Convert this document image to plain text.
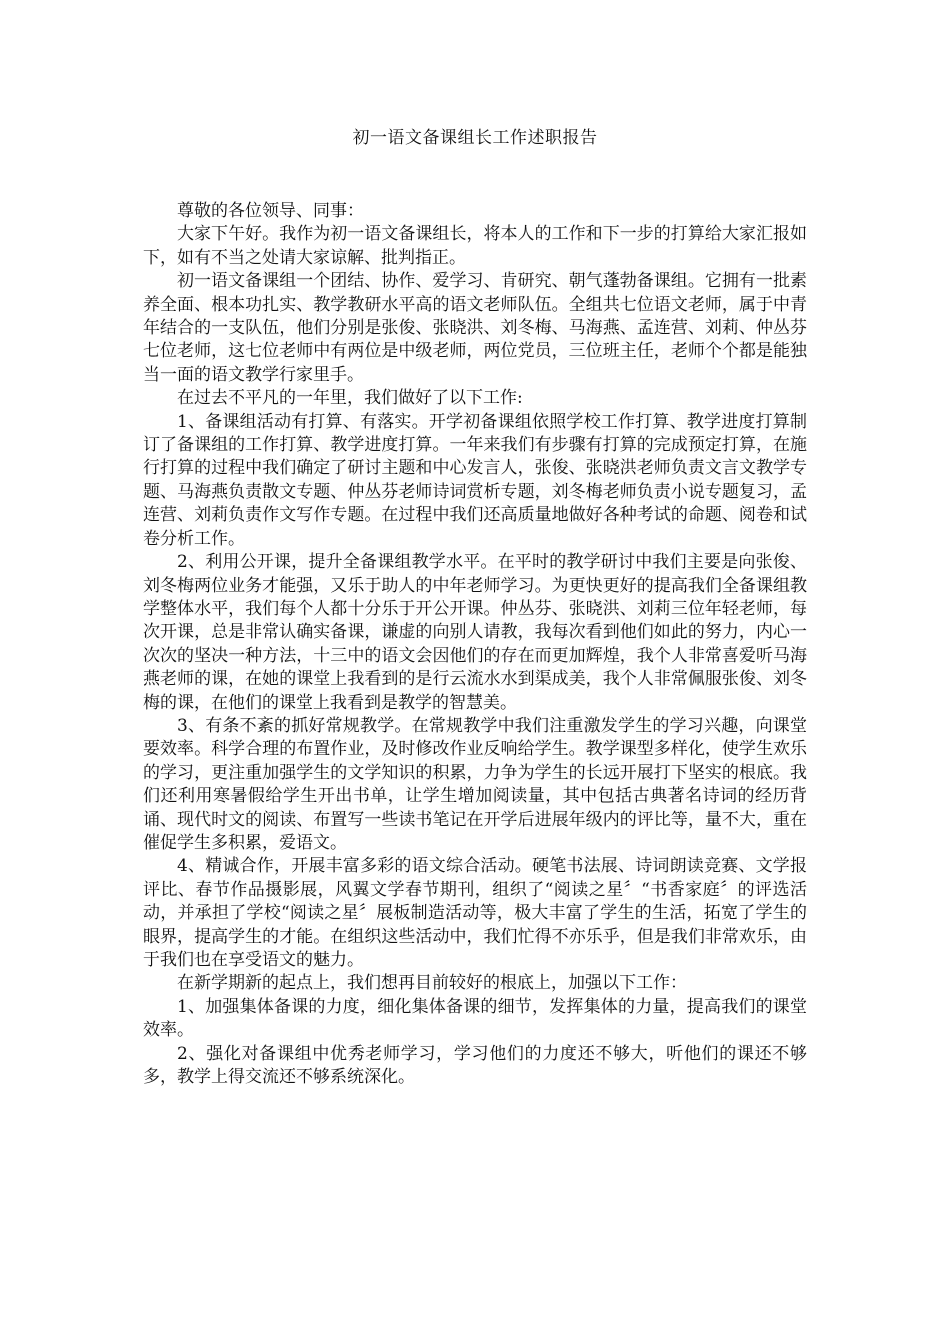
初一语文备课组长工作述职报告

尊敬的各位领导、同事：

大家下午好。我作为初一语文备课组长，将本人的工作和下一步的打算给大家汇报如下，如有不当之处请大家谅解、批判指正。

初一语文备课组一个团结、协作、爱学习、肯研究、朝气蓬勃备课组。它拥有一批素养全面、根本功扎实、教学教研水平高的语文老师队伍。全组共七位语文老师，属于中青年结合的一支队伍，他们分别是张俊、张晓洪、刘冬梅、马海燕、孟连营、刘莉、仲丛芬七位老师，这七位老师中有两位是中级老师，两位党员，三位班主任，老师个个都是能独当一面的语文教学行家里手。

在过去不平凡的一年里，我们做好了以下工作:

1、备课组活动有打算、有落实。开学初备课组依照学校工作打算、教学进度打算制订了备课组的工作打算、教学进度打算。一年来我们有步骤有打算的完成预定打算，在施行打算的过程中我们确定了研讨主题和中心发言人，张俊、张晓洪老师负责文言文教学专题、马海燕负责散文专题、仲丛芬老师诗词赏析专题，刘冬梅老师负责小说专题复习，孟连营、刘莉负责作文写作专题。在过程中我们还高质量地做好各种考试的命题、阅卷和试卷分析工作。

2、利用公开课，提升全备课组教学水平。在平时的教学研讨中我们主要是向张俊、刘冬梅两位业务才能强，又乐于助人的中年老师学习。为更快更好的提高我们全备课组教学整体水平，我们每个人都十分乐于开公开课。仲丛芬、张晓洪、刘莉三位年轻老师，每次开课，总是非常认确实备课，谦虚的向别人请教，我每次看到他们如此的努力，内心一次次的坚决一种方法，十三中的语文会因他们的存在而更加辉煌，我个人非常喜爱听马海燕老师的课，在她的课堂上我看到的是行云流水水到渠成美，我个人非常佩服张俊、刘冬梅的课，在他们的课堂上我看到是教学的智慧美。

3、有条不紊的抓好常规教学。在常规教学中我们注重激发学生的学习兴趣，向课堂要效率。科学合理的布置作业，及时修改作业反响给学生。教学课型多样化，使学生欢乐的学习，更注重加强学生的文学知识的积累，力争为学生的长远开展打下坚实的根底。我们还利用寒暑假给学生开出书单，让学生增加阅读量，其中包括古典著名诗词的经历背诵、现代时文的阅读、布置写一些读书笔记在开学后进展年级内的评比等，量不大，重在催促学生多积累，爱语文。

4、精诚合作，开展丰富多彩的语文综合活动。硬笔书法展、诗词朗读竞赛、文学报评比、春节作品摄影展，风翼文学春节期刊，组织了“阅读之星〞“书香家庭〞的评选活动，并承担了学校“阅读之星〞展板制造活动等，极大丰富了学生的生活，拓宽了学生的眼界，提高学生的才能。在组织这些活动中，我们忙得不亦乐乎，但是我们非常欢乐，由于我们也在享受语文的魅力。

在新学期新的起点上，我们想再目前较好的根底上，加强以下工作：

1、加强集体备课的力度，细化集体备课的细节，发挥集体的力量，提高我们的课堂效率。

2、强化对备课组中优秀老师学习，学习他们的力度还不够大，听他们的课还不够多，教学上得交流还不够系统深化。
